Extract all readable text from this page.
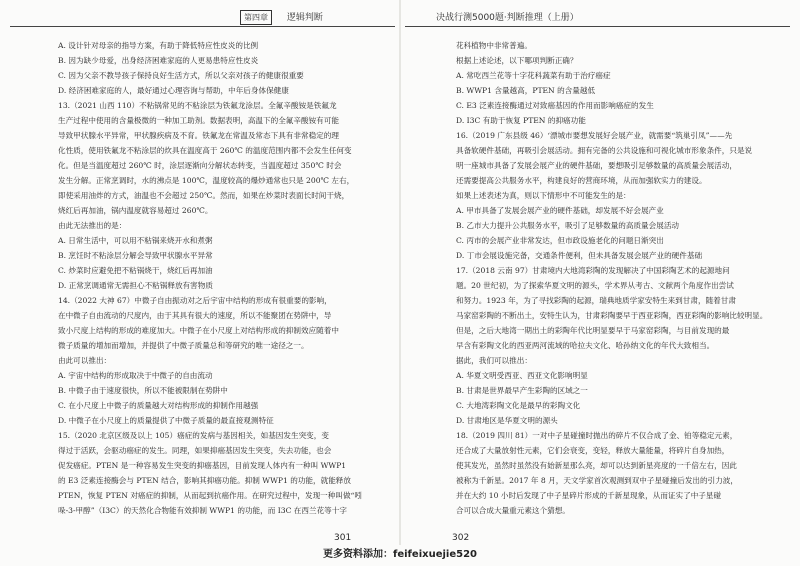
第四章 逻辑判断

A. 设计针对母亲的指导方案，有助于降低特应性皮炎的比例

B. 因为缺少母爱，出身经济困难家庭的人更易患特应性皮炎

C. 因为父亲不教导孩子保持良好生活方式，所以父亲对孩子的健康很重要

D. 经济困难家庭的人，最好通过心理咨询与帮助，中年后身体保健康

13.（2021 山西 110）不粘锅常见的不粘涂层为铁氟龙涂层。全氟辛酸铵是铁氟龙

生产过程中使用的含量极微的一种加工助剂。数据表明，高温下的全氟辛酸铵有可能

导致甲状腺水平异常，甲状腺疾病及不育。铁氟龙在常温及常态下具有非常稳定的理

化性质，使用铁氟龙不粘涂层的炊具在温度高于 260℃ 的温度范围内都不会发生任何变

化。但是当温度超过 260℃ 时，涂层逐渐向分解状态转变，当温度超过 350℃ 时会

发生分解。正常烹调时，水的沸点是 100℃，温度较高的爆炒通常也只是 200℃ 左右，

即使采用油炸的方式，油温也不会超过 250℃。然而，如果在炒菜时表面长时间干烧，

烧红后再加油，锅内温度就容易超过 260℃。

由此无法推出的是：

A. 日常生活中，可以用不粘锅来烧开水和煮粥

B. 烹饪时不粘涂层分解会导致甲状腺水平异常

C. 炒菜时应避免把不粘锅烧干，烧红后再加油

D. 正常烹调通常无需担心不粘锅释放有害物质

14.（2022 大神 67）中微子自由振动对之后宇宙中结构的形成有很重要的影响，

在中微子自由流动的尺度内，由于其具有很大的速度，所以不能聚团在势阱中，导

致小尺度上结构的形成的难度加大。中微子在小尺度上对结构形成的抑制效应随着中

微子质量的增加而增加，并提供了中微子质量总和等研究的唯一途径之一。

由此可以推出：

A. 宇宙中结构的形成取决于中微子的自由流动

B. 中微子由于速度很快，所以不能被限制在势阱中

C. 在小尺度上中微子的质量越大对结构形成的抑制作用越强

D. 中微子在小尺度上的质量提供了中微子质量的最直接观测特征

15.（2020 北京区级及以上 105）癌症的发病与基因相关，如基因发生突变，变

得过于活跃，会驱动癌症的发生。同理，如果抑癌基因发生突变，失去功能，也会

促发癌症。PTEN 是一种容易发生突变的抑癌基因，目前发现人体内有一种叫 WWP1

的 E3 泛素连接酶会与 PTEN 结合，影响其抑癌功能。抑制 WWP1 的功能，就能释放

PTEN，恢复 PTEN 对癌症的抑制，从而起到抗癌作用。在研究过程中，发现一种叫做“吲

哚-3-甲醇”（I3C）的天然化合物能有效抑制 WWP1 的功能，而 I3C 在西兰花等十字

301
决战行测5000题·判断推理（上册）

花科植物中非常普遍。

根据上述论述，以下哪项判断正确？

A. 常吃西兰花等十字花科蔬菜有助于治疗癌症

B. WWP1 含量越高，PTEN 的含量越低

C. E3 泛素连接酶通过对致癌基因的作用而影响癌症的发生

D. I3C 有助于恢复 PTEN 的抑癌功能

16.（2019 广东县级 46）‘漂城市要想发展好会展产业，就需要“筑巢引凤”——先

具备软硬件基础，再吸引会展活动。拥有完备的公共设施和可视化城市形象条件，只是说

明一座城市具备了发展会展产业的硬件基础，要想吸引足够数量的高质量会展活动，

还需要提高公共服务水平，构建良好的营商环境，从而加强软实力的建设。

如果上述表述为真，则以下情形中不可能发生的是：

A. 甲市具备了发展会展产业的硬件基础，却发展不好会展产业

B. 乙市大力提升公共服务水平，吸引了足够数量的高质量会展活动

C. 丙市的会展产业非常发达，但市政设施老化的问题日渐突出

D. 丁市会展设施完备，交通条件便利，但未具备发展会展产业的硬件基础

17.（2018 云南 97）甘肃境内大地湾彩陶的发现解决了中国彩陶艺术的起源地问

题。20 世纪初，为了探索华夏文明的源头，学术界从考古、文献两个角度作出尝试

和努力。1923 年，为了寻找彩陶的起源，瑞典地质学家安特生来到甘肃，随着甘肃

马家窑彩陶的不断出土，安特生认为，甘肃彩陶要早于西亚彩陶，西亚彩陶的影响比较明显。

但是，之后大地湾一期出土的彩陶年代比明显要早于马家窑彩陶，与目前发现的最

早含有彩陶文化的西亚两河流域的哈拉夫文化、哈孙纳文化的年代大致相当。

据此，我们可以推出：

A. 华夏文明受西亚、西亚文化影响明显

B. 甘肃是世界最早产生彩陶的区域之一

C. 大地湾彩陶文化是最早的彩陶文化

D. 甘肃地区是华夏文明的源头

18.（2019 四川 81）一对中子星碰撞时抛出的碎片不仅合成了金、铂等稳定元素，

还合成了大量放射性元素，它们会衰变，变轻，释放大量能量，将碎片自身加热，

使其发光，虽然时虽然没有始新星那么亮，却可以达到新星亮度的一千倍左右，因此

被称为千新星。2017 年 8 月，天文学家首次观测到双中子星碰撞后发出的引力波，

并在大约 10 小时后发现了中子星碎片形成的千新星现象，从而证实了中子星碰

合可以合成大量重元素这个猜想。

302
更多资料添加：feifeixuejie520
